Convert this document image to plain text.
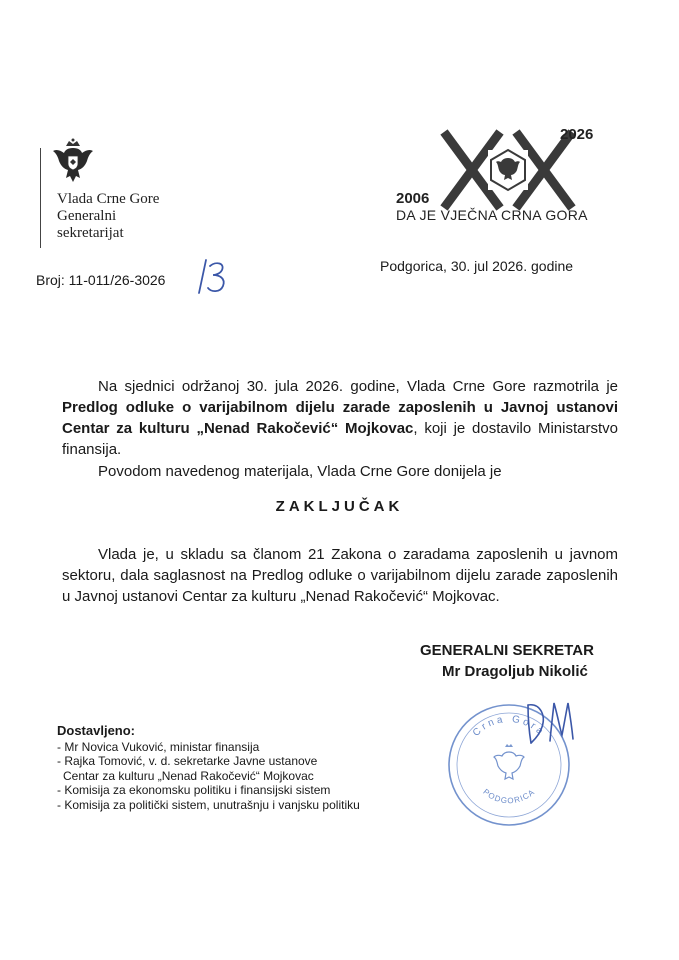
Vlada Crne Gore
Generalni
sekretarijat
2026
2006
DA JE VJEČNA CRNA GORA
Broj: 11-011/26-3026
Podgorica, 30. jul 2026. godine
Na sjednici održanoj 30. jula 2026. godine, Vlada Crne Gore razmotrila je Predlog odluke o varijabilnom dijelu zarade zaposlenih u Javnoj ustanovi Centar za kulturu „Nenad Rakočević“ Mojkovac, koji je dostavilo Ministarstvo finansija.
Povodom navedenog materijala, Vlada Crne Gore donijela je
ZAKLJUČAK
Vlada je, u skladu sa članom 21 Zakona o zaradama zaposlenih u javnom sektoru, dala saglasnost na Predlog odluke o varijabilnom dijelu zarade zaposlenih u Javnoj ustanovi Centar za kulturu „Nenad Rakočević“ Mojkovac.
GENERALNI SEKRETAR
Mr Dragoljub Nikolić
Crna Gora
PODGORICA
Dostavljeno:
- Mr Novica Vuković, ministar finansija
- Rajka Tomović, v. d. sekretarke Javne ustanove
Centar za kulturu „Nenad Rakočević“ Mojkovac
- Komisija za ekonomsku politiku i finansijski sistem
- Komisija za politički sistem, unutrašnju i vanjsku politiku
